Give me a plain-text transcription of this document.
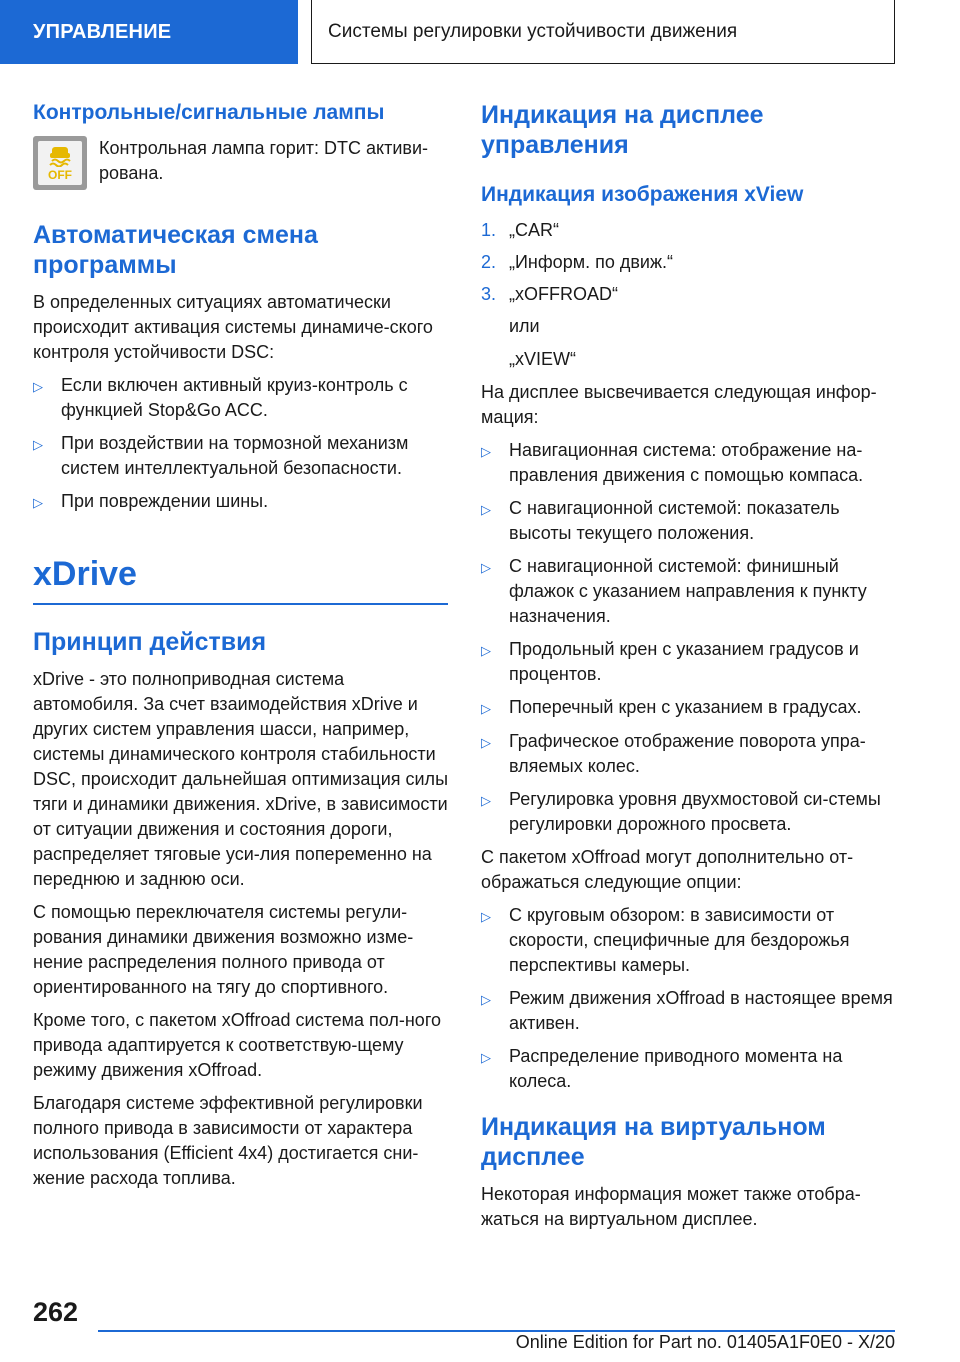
УПРАВЛЕНИЕ	Системы регулировки устойчивости движения
Контрольные/сигнальные лампы
OFF
Контрольная лампа горит: DTC активи-рована.
Автоматическая смена программы

В определенных ситуациях автоматически происходит активация системы динамиче-ского контроля устойчивости DSC:

▷	Если включен активный круиз-контроль с функцией Stop&Go ACC.
▷	При воздействии на тормозной механизм систем интеллектуальной безопасности.
▷	При повреждении шины.
xDrive
Принцип действия

xDrive - это полноприводная система автомобиля. За счет взаимодействия xDrive и других систем управления шасси, например, системы динамического контроля стабильности DSC, происходит дальнейшая оптимизация силы тяги и динамики движения. xDrive, в зависимости от ситуации движения и состояния дороги, распределяет тяговые уси-лия попеременно на переднюю и заднюю оси.

С помощью переключателя системы регули-рования динамики движения возможно изме-нение распределения полного привода от ориентированного на тягу до спортивного.

Кроме того, с пакетом xOffroad система пол-ного привода адаптируется к соответствую-щему режиму движения xOffroad.

Благодаря системе эффективной регулировки полного привода в зависимости от характера использования (Efficient 4x4) достигается сни-жение расхода топлива.

Индикация на дисплее управления
Индикация изображения xView
1. „CAR“
2. „Информ. по движ.“
3. „xOFFROAD“

или

„xVIEW“

На дисплее высвечивается следующая инфор-мация:

▷	Навигационная система: отображение на-правления движения с помощью компаса.
▷	С навигационной системой: показатель высоты текущего положения.
▷	С навигационной системой: финишный флажок с указанием направления к пункту назначения.
▷	Продольный крен с указанием градусов и процентов.
▷	Поперечный крен с указанием в градусах.
▷	Графическое отображение поворота упра-вляемых колес.
▷	Регулировка уровня двухмостовой си-стемы регулировки дорожного просвета.

С пакетом xOffroad могут дополнительно от-ображаться следующие опции:

▷	С круговым обзором: в зависимости от скорости, специфичные для бездорожья перспективы камеры.
▷	Режим движения xOffroad в настоящее время активен.
▷	Распределение приводного момента на колеса.
Индикация на виртуальном дисплее

Некоторая информация может также отобра-жаться на виртуальном дисплее.

262
Online Edition for Part no. 01405A1F0E0 - X/20
